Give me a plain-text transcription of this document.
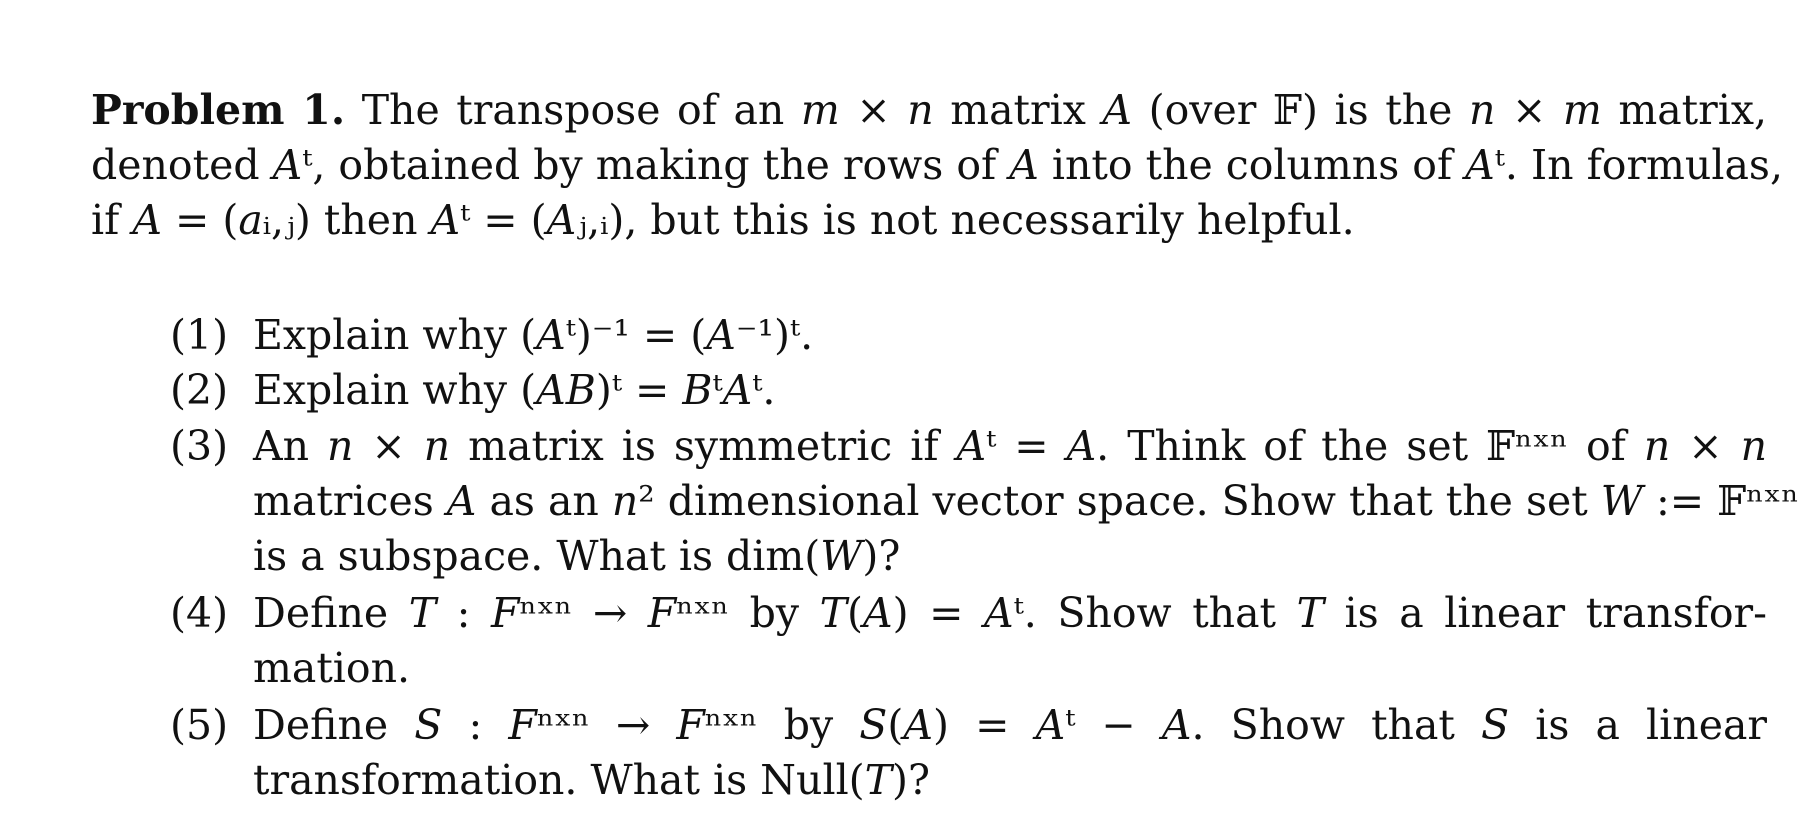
Problem 1. The transpose of an 𝑚 × 𝑛 matrix 𝐴 (over 𝔽) is the 𝑛 × 𝑚 matrix,
denoted 𝐴ᵗ, obtained by making the rows of 𝐴 into the columns of 𝐴ᵗ. In formulas,
if 𝐴 = (𝑎ᵢ,ⱼ) then 𝐴ᵗ = (𝐴ⱼ,ᵢ), but this is not necessarily helpful.
(1) Explain why (𝐴ᵗ)⁻¹ = (𝐴⁻¹)ᵗ.
(2) Explain why (𝐴𝐵)ᵗ = 𝐵ᵗ𝐴ᵗ.
(3) An 𝑛 × 𝑛 matrix is symmetric if 𝐴ᵗ = 𝐴. Think of the set 𝔽ⁿˣⁿ of 𝑛 × 𝑛
matrices 𝐴 as an 𝑛² dimensional vector space. Show that the set 𝑊 := 𝔽ⁿˣⁿ
is a subspace. What is dim(𝑊)?
(4) Define 𝑇 : 𝐹ⁿˣⁿ → 𝐹ⁿˣⁿ by 𝑇(𝐴) = 𝐴ᵗ. Show that 𝑇 is a linear transfor-
mation.
(5) Define 𝑆 : 𝐹ⁿˣⁿ → 𝐹ⁿˣⁿ by 𝑆(𝐴) = 𝐴ᵗ − 𝐴. Show that 𝑆 is a linear
transformation. What is Null(𝑇)?
